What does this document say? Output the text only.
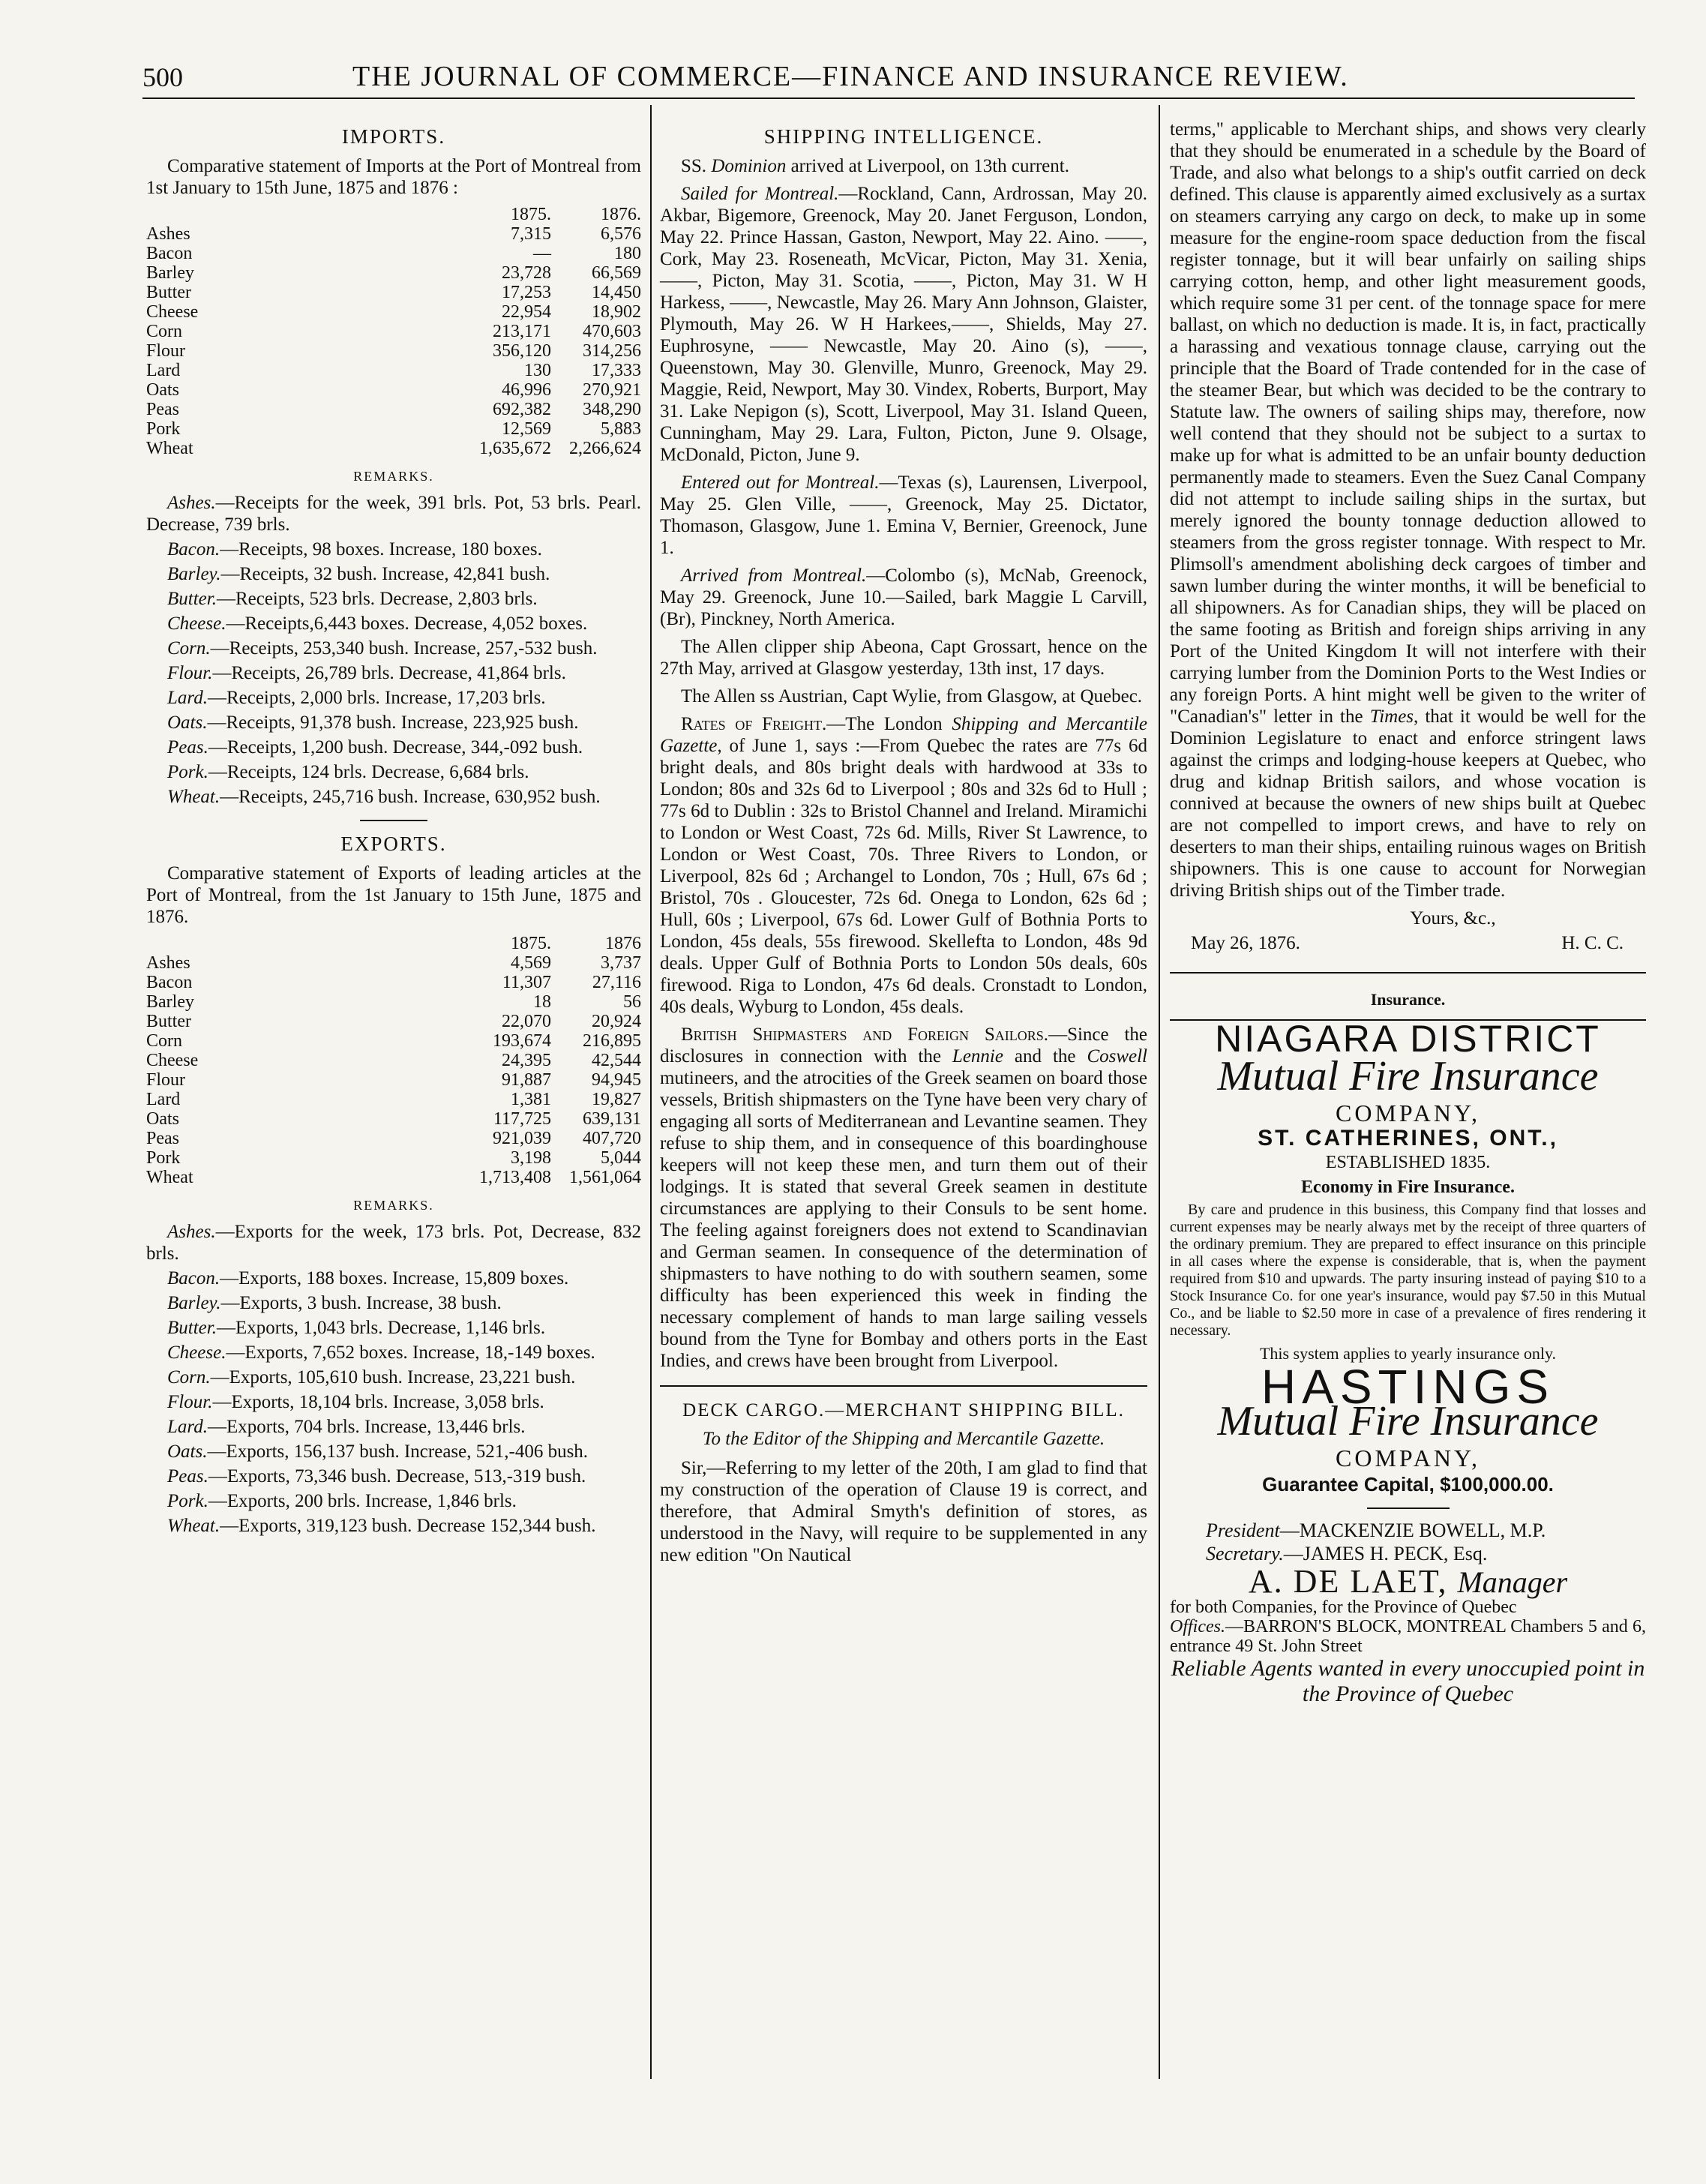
500	THE JOURNAL OF COMMERCE—FINANCE AND INSURANCE REVIEW.
IMPORTS.
Comparative statement of Imports at the Port of Montreal from 1st January to 15th June, 1875 and 1876 :
	1875.	1876.
Ashes	7,315	6,576
Bacon	—	180
Barley	23,728	66,569
Butter	17,253	14,450
Cheese	22,954	18,902
Corn	213,171	470,603
Flour	356,120	314,256
Lard	130	17,333
Oats	46,996	270,921
Peas	692,382	348,290
Pork	12,569	5,883
Wheat	1,635,672	2,266,624
REMARKS.
Ashes.—Receipts for the week, 391 brls. Pot, 53 brls. Pearl. Decrease, 739 brls.
Bacon.—Receipts, 98 boxes. Increase, 180 boxes.
Barley.—Receipts, 32 bush. Increase, 42,841 bush.
Butter.—Receipts, 523 brls. Decrease, 2,803 brls.
Cheese.—Receipts,6,443 boxes. Decrease, 4,052 boxes.
Corn.—Receipts, 253,340 bush. Increase, 257,-532 bush.
Flour.—Receipts, 26,789 brls. Decrease, 41,864 brls.
Lard.—Receipts, 2,000 brls. Increase, 17,203 brls.
Oats.—Receipts, 91,378 bush. Increase, 223,925 bush.
Peas.—Receipts, 1,200 bush. Decrease, 344,-092 bush.
Pork.—Receipts, 124 brls. Decrease, 6,684 brls.
Wheat.—Receipts, 245,716 bush. Increase, 630,952 bush.
EXPORTS.
Comparative statement of Exports of leading articles at the Port of Montreal, from the 1st January to 15th June, 1875 and 1876.
	1875.	1876
Ashes	4,569	3,737
Bacon	11,307	27,116
Barley	18	56
Butter	22,070	20,924
Corn	193,674	216,895
Cheese	24,395	42,544
Flour	91,887	94,945
Lard	1,381	19,827
Oats	117,725	639,131
Peas	921,039	407,720
Pork	3,198	5,044
Wheat	1,713,408	1,561,064
REMARKS.
Ashes.—Exports for the week, 173 brls. Pot, Decrease, 832 brls.
Bacon.—Exports, 188 boxes. Increase, 15,809 boxes.
Barley.—Exports, 3 bush. Increase, 38 bush.
Butter.—Exports, 1,043 brls. Decrease, 1,146 brls.
Cheese.—Exports, 7,652 boxes. Increase, 18,-149 boxes.
Corn.—Exports, 105,610 bush. Increase, 23,221 bush.
Flour.—Exports, 18,104 brls. Increase, 3,058 brls.
Lard.—Exports, 704 brls. Increase, 13,446 brls.
Oats.—Exports, 156,137 bush. Increase, 521,-406 bush.
Peas.—Exports, 73,346 bush. Decrease, 513,-319 bush.
Pork.—Exports, 200 brls. Increase, 1,846 brls.
Wheat.—Exports, 319,123 bush. Decrease 152,344 bush.
SHIPPING INTELLIGENCE.
SS. Dominion arrived at Liverpool, on 13th current.
Sailed for Montreal.—Rockland, Cann, Ardrossan, May 20. Akbar, Bigemore, Greenock, May 20. Janet Ferguson, London, May 22. Prince Hassan, Gaston, Newport, May 22. Aino. ——, Cork, May 23. Roseneath, McVicar, Picton, May 31. Xenia, ——, Picton, May 31. Scotia, ——, Picton, May 31. W H Harkess, ——, Newcastle, May 26. Mary Ann Johnson, Glaister, Plymouth, May 26. W H Harkees,——, Shields, May 27. Euphrosyne, —— Newcastle, May 20. Aino (s), ——, Queenstown, May 30. Glenville, Munro, Greenock, May 29. Maggie, Reid, Newport, May 30. Vindex, Roberts, Burport, May 31. Lake Nepigon (s), Scott, Liverpool, May 31. Island Queen, Cunningham, May 29. Lara, Fulton, Picton, June 9. Olsage, McDonald, Picton, June 9.
Entered out for Montreal.—Texas (s), Laurensen, Liverpool, May 25. Glen Ville, ——, Greenock, May 25. Dictator, Thomason, Glasgow, June 1. Emina V, Bernier, Greenock, June 1.
Arrived from Montreal.—Colombo (s), McNab, Greenock, May 29. Greenock, June 10.—Sailed, bark Maggie L Carvill, (Br), Pinckney, North America.
The Allen clipper ship Abeona, Capt Grossart, hence on the 27th May, arrived at Glasgow yesterday, 13th inst, 17 days.
The Allen ss Austrian, Capt Wylie, from Glasgow, at Quebec.
Rates of Freight.—The London Shipping and Mercantile Gazette, of June 1, says :—From Quebec the rates are 77s 6d bright deals, and 80s bright deals with hardwood at 33s to London; 80s and 32s 6d to Liverpool ; 80s and 32s 6d to Hull ; 77s 6d to Dublin : 32s to Bristol Channel and Ireland. Miramichi to London or West Coast, 72s 6d. Mills, River St Lawrence, to London or West Coast, 70s. Three Rivers to London, or Liverpool, 82s 6d ; Archangel to London, 70s ; Hull, 67s 6d ; Bristol, 70s . Gloucester, 72s 6d. Onega to London, 62s 6d ; Hull, 60s ; Liverpool, 67s 6d. Lower Gulf of Bothnia Ports to London, 45s deals, 55s firewood. Skellefta to London, 48s 9d deals. Upper Gulf of Bothnia Ports to London 50s deals, 60s firewood. Riga to London, 47s 6d deals. Cronstadt to London, 40s deals, Wyburg to London, 45s deals.
British Shipmasters and Foreign Sailors.—Since the disclosures in connection with the Lennie and the Coswell mutineers, and the atrocities of the Greek seamen on board those vessels, British shipmasters on the Tyne have been very chary of engaging all sorts of Mediterranean and Levantine seamen. They refuse to ship them, and in consequence of this boardinghouse keepers will not keep these men, and turn them out of their lodgings. It is stated that several Greek seamen in destitute circumstances are applying to their Consuls to be sent home. The feeling against foreigners does not extend to Scandinavian and German seamen. In consequence of the determination of shipmasters to have nothing to do with southern seamen, some difficulty has been experienced this week in finding the necessary complement of hands to man large sailing vessels bound from the Tyne for Bombay and others ports in the East Indies, and crews have been brought from Liverpool.
DECK CARGO.—MERCHANT SHIPPING BILL.
To the Editor of the Shipping and Mercantile Gazette.
Sir,—Referring to my letter of the 20th, I am glad to find that my construction of the operation of Clause 19 is correct, and therefore, that Admiral Smyth's definition of stores, as understood in the Navy, will require to be supplemented in any new edition "On Nautical
terms," applicable to Merchant ships, and shows very clearly that they should be enumerated in a schedule by the Board of Trade, and also what belongs to a ship's outfit carried on deck defined. This clause is apparently aimed exclusively as a surtax on steamers carrying any cargo on deck, to make up in some measure for the engine-room space deduction from the fiscal register tonnage, but it will bear unfairly on sailing ships carrying cotton, hemp, and other light measurement goods, which require some 31 per cent. of the tonnage space for mere ballast, on which no deduction is made. It is, in fact, practically a harassing and vexatious tonnage clause, carrying out the principle that the Board of Trade contended for in the case of the steamer Bear, but which was decided to be the contrary to Statute law. The owners of sailing ships may, therefore, now well contend that they should not be subject to a surtax to make up for what is admitted to be an unfair bounty deduction permanently made to steamers. Even the Suez Canal Company did not attempt to include sailing ships in the surtax, but merely ignored the bounty tonnage deduction allowed to steamers from the gross register tonnage. With respect to Mr. Plimsoll's amendment abolishing deck cargoes of timber and sawn lumber during the winter months, it will be beneficial to all shipowners. As for Canadian ships, they will be placed on the same footing as British and foreign ships arriving in any Port of the United Kingdom It will not interfere with their carrying lumber from the Dominion Ports to the West Indies or any foreign Ports. A hint might well be given to the writer of "Canadian's" letter in the Times, that it would be well for the Dominion Legislature to enact and enforce stringent laws against the crimps and lodging-house keepers at Quebec, who drug and kidnap British sailors, and whose vocation is connived at because the owners of new ships built at Quebec are not compelled to import crews, and have to rely on deserters to man their ships, entailing ruinous wages on British shipowners. This is one cause to account for Norwegian driving British ships out of the Timber trade.
Yours, &c.,
May 26, 1876.	H. C. C.
Insurance.
NIAGARA DISTRICT
Mutual Fire Insurance
COMPANY,
ST. CATHERINES, ONT.,
ESTABLISHED 1835.
Economy in Fire Insurance.
By care and prudence in this business, this Company find that losses and current expenses may be nearly always met by the receipt of three quarters of the ordinary premium. They are prepared to effect insurance on this principle in all cases where the expense is considerable, that is, when the payment required from $10 and upwards. The party insuring instead of paying $10 to a Stock Insurance Co. for one year's insurance, would pay $7.50 in this Mutual Co., and be liable to $2.50 more in case of a prevalence of fires rendering it necessary.
This system applies to yearly insurance only.
HASTINGS
Mutual Fire Insurance
COMPANY,
Guarantee Capital, $100,000.00.
President—MACKENZIE BOWELL, M.P.
Secretary.—JAMES H. PECK, Esq.
A. DE LAET, Manager
for both Companies, for the Province of Quebec
Offices.—BARRON'S BLOCK, MONTREAL Chambers 5 and 6, entrance 49 St. John Street
Reliable Agents wanted in every unoccupied point in the Province of Quebec
